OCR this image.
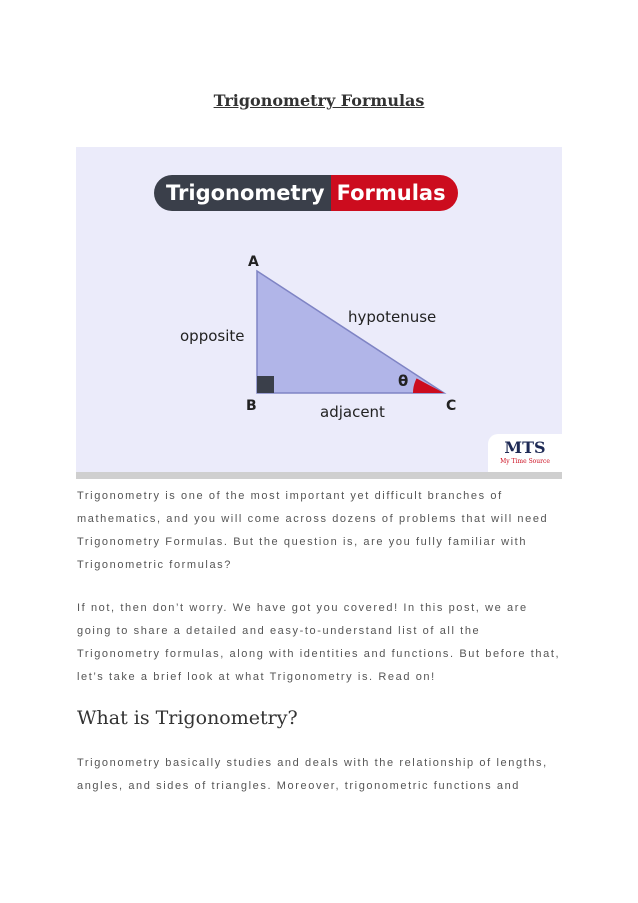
Trigonometry Formulas
Trigonometry Formulas
A
B	C
opposite
hypotenuse
adjacent
θ
MTS
My Time Source

Trigonometry is one of the most important yet difficult branches of mathematics, and you will come across dozens of problems that will need Trigonometry Formulas. But the question is, are you fully familiar with Trigonometric formulas?

If not, then don’t worry. We have got you covered! In this post, we are going to share a detailed and easy-to-understand list of all the Trigonometry formulas, along with identities and functions. But before that, let’s take a brief look at what Trigonometry is. Read on!

What is Trigonometry?

Trigonometry basically studies and deals with the relationship of lengths, angles, and sides of triangles. Moreover, trigonometric functions and
